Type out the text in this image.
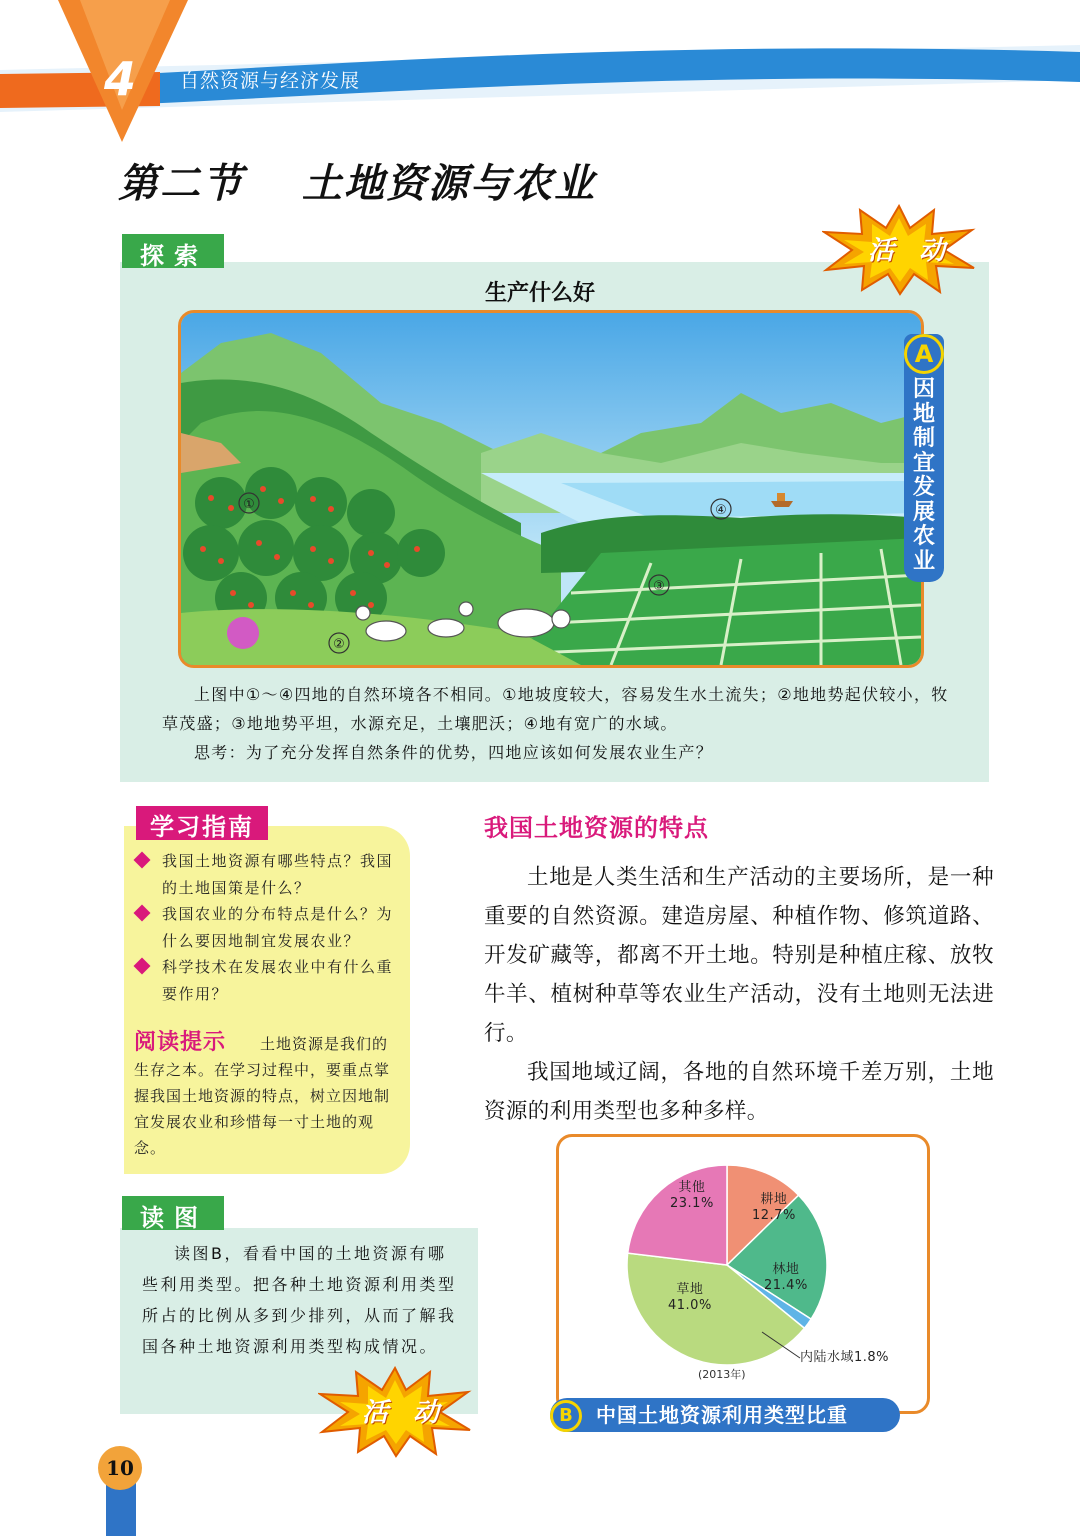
4 自然资源与经济发展
第二节 土地资源与农业
探索	活 动
生产什么好
①
②
③
④
A
因地制宜发展农业

上图中①～④四地的自然环境各不相同。①地坡度较大，容易发生水土流失；②地地势起伏较小，牧草茂盛；③地地势平坦，水源充足，土壤肥沃；④地有宽广的水域。

思考：为了充分发挥自然条件的优势，四地应该如何发展农业生产？

学习指南
我国土地资源有哪些特点？我国的土地国策是什么？
我国农业的分布特点是什么？为什么要因地制宜发展农业？
科学技术在发展农业中有什么重要作用？
阅读提示 土地资源是我们的生存之本。在学习过程中，要重点掌握我国土地资源的特点，树立因地制宜发展农业和珍惜每一寸土地的观念。
读图

读图B，看看中国的土地资源有哪些利用类型。把各种土地资源利用类型所占的比例从多到少排列，从而了解我国各种土地资源利用类型构成情况。

活 动
我国土地资源的特点

土地是人类生活和生产活动的主要场所，是一种重要的自然资源。建造房屋、种植作物、修筑道路、开发矿藏等，都离不开土地。特别是种植庄稼、放牧牛羊、植树种草等农业生产活动，没有土地则无法进行。

我国地域辽阔，各地的自然环境千差万别，土地资源的利用类型也多种多样。

其他
23.1%	耕地
12.7%
林地
21.4%
草地
41.0%
内陆水域1.8%
(2013年)
中国土地资源利用类型比重
B
10
